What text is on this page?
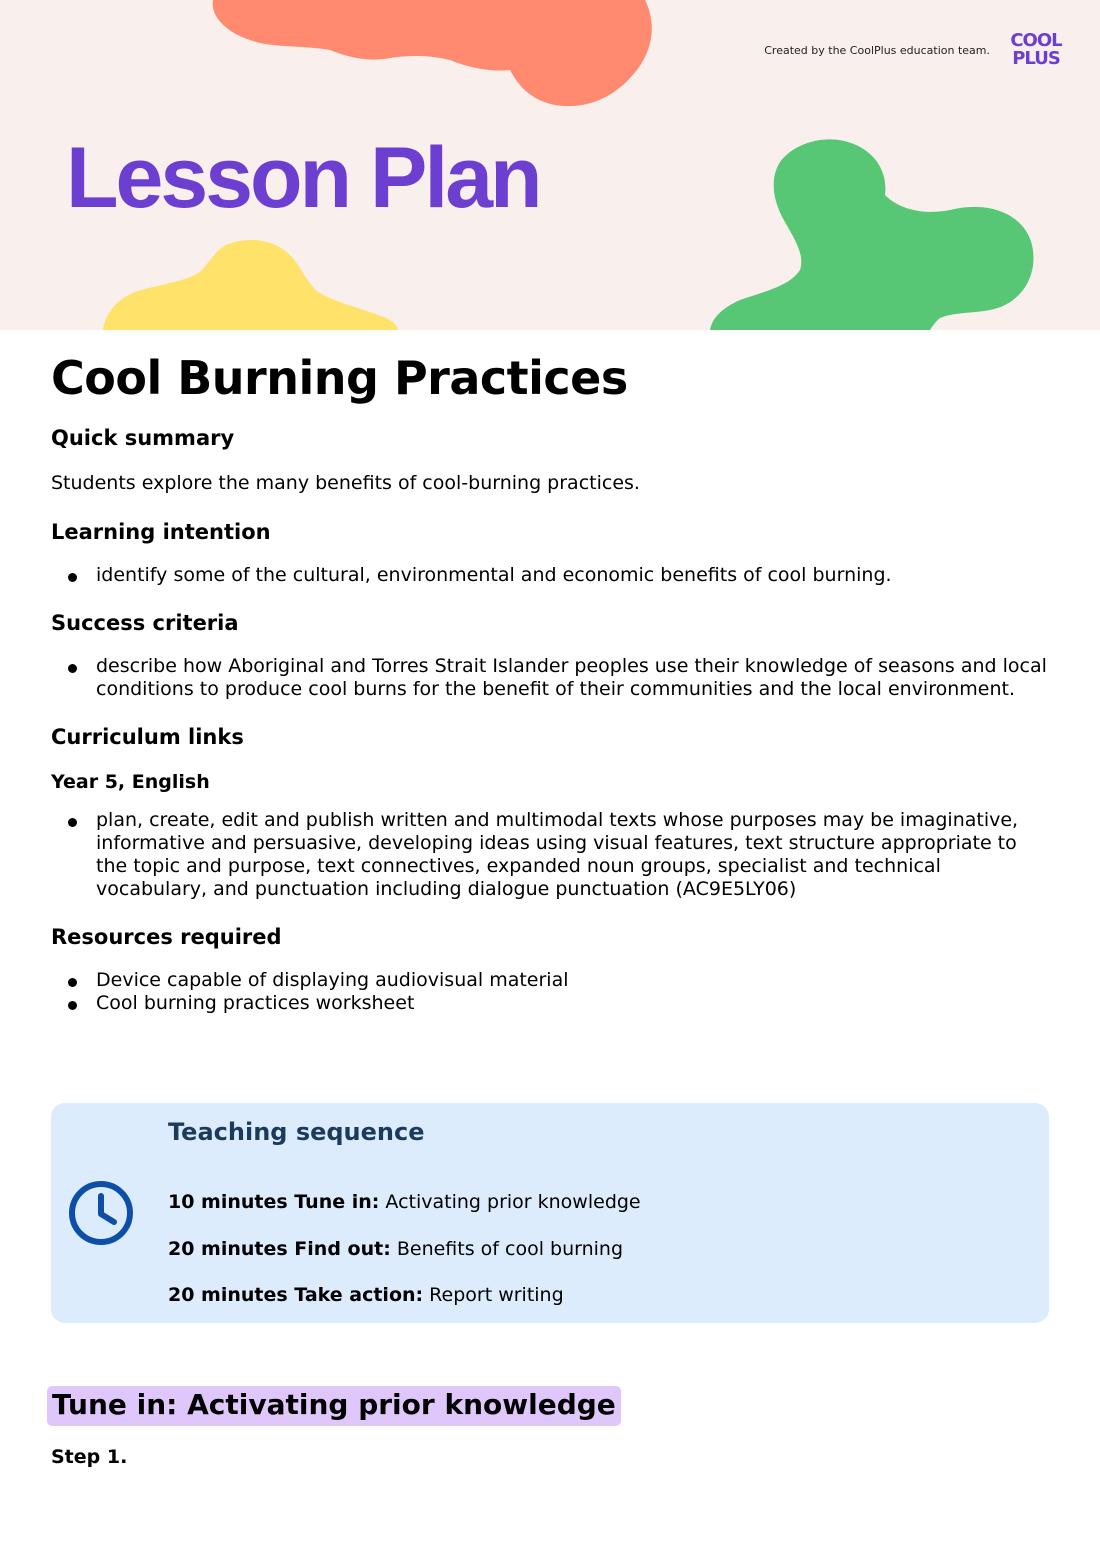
Created by the CoolPlus education team.	COOL
PLUS
Lesson Plan
Cool Burning Practices
Quick summary

Students explore the many benefits of cool-burning practices.

Learning intention
identify some of the cultural, environmental and economic benefits of cool burning.
Success criteria
describe how Aboriginal and Torres Strait Islander peoples use their knowledge of seasons and local conditions to produce cool burns for the benefit of their communities and the local environment.
Curriculum links
Year 5, English
plan, create, edit and publish written and multimodal texts whose purposes may be imaginative, informative and persuasive, developing ideas using visual features, text structure appropriate to the topic and purpose, text connectives, expanded noun groups, specialist and technical vocabulary, and punctuation including dialogue punctuation (AC9E5LY06)
Resources required
Device capable of displaying audiovisual material
Cool burning practices worksheet
Teaching sequence

10 minutes Tune in: Activating prior knowledge

20 minutes Find out: Benefits of cool burning

20 minutes Take action: Report writing

Tune in: Activating prior knowledge

Step 1.
